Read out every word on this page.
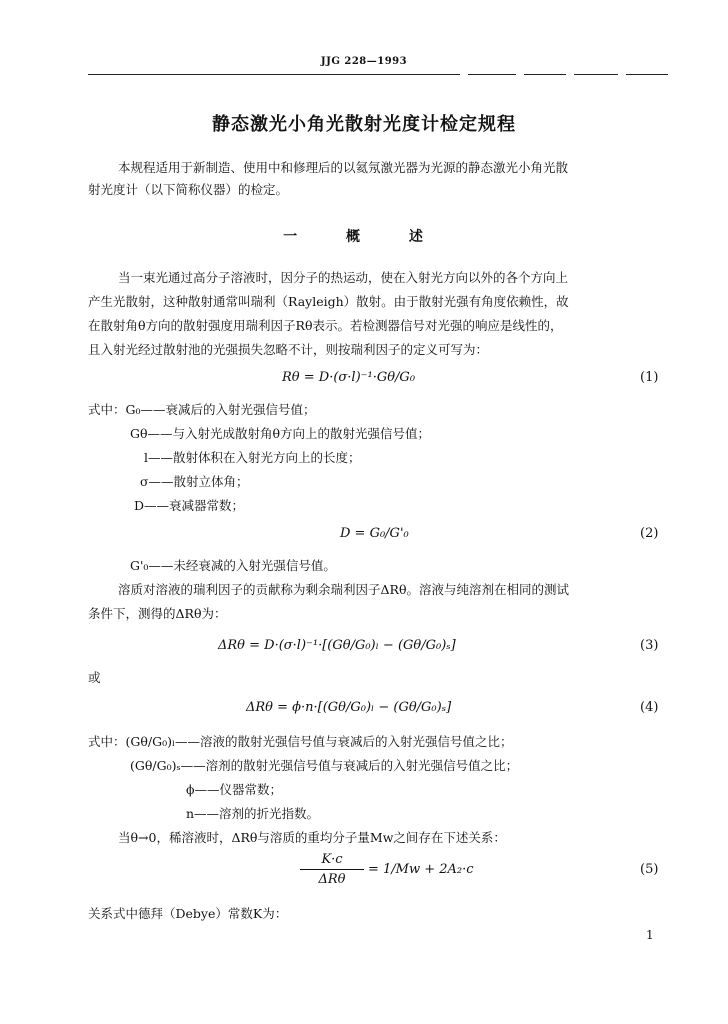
JJG 228—1993
静态激光小角光散射光度计检定规程
本规程适用于新制造、使用中和修理后的以氦氖激光器为光源的静态激光小角光散
射光度计（以下简称仪器）的检定。
一 概 述
当一束光通过高分子溶液时，因分子的热运动，使在入射光方向以外的各个方向上
产生光散射，这种散射通常叫瑞利（Rayleigh）散射。由于散射光强有角度依赖性，故
在散射角θ方向的散射强度用瑞利因子Rθ表示。若检测器信号对光强的响应是线性的，
且入射光经过散射池的光强损失忽略不计，则按瑞利因子的定义可写为：
Rθ = D·(σ·l)⁻¹·Gθ/G₀	(1)
式中：G₀——衰减后的入射光强信号值；
Gθ——与入射光成散射角θ方向上的散射光强信号值；
l——散射体积在入射光方向上的长度；
σ——散射立体角；
D——衰减器常数；
D = G₀/G'₀	(2)
G'₀——未经衰减的入射光强信号值。
溶质对溶液的瑞利因子的贡献称为剩余瑞利因子ΔRθ。溶液与纯溶剂在相同的测试
条件下，测得的ΔRθ为：
ΔRθ = D·(σ·l)⁻¹·[(Gθ/G₀)ₗ − (Gθ/G₀)ₛ]	(3)
或
ΔRθ = ϕ·n·[(Gθ/G₀)ₗ − (Gθ/G₀)ₛ]	(4)
式中：(Gθ/G₀)ₗ——溶液的散射光强信号值与衰减后的入射光强信号值之比；
(Gθ/G₀)ₛ——溶剂的散射光强信号值与衰减后的入射光强信号值之比；
ϕ——仪器常数；
n——溶剂的折光指数。
当θ→0，稀溶液时，ΔRθ与溶质的重均分子量Mw之间存在下述关系：
K·c
ΔRθ
= 1/Mw + 2A₂·c	(5)
关系式中德拜（Debye）常数K为：
1
